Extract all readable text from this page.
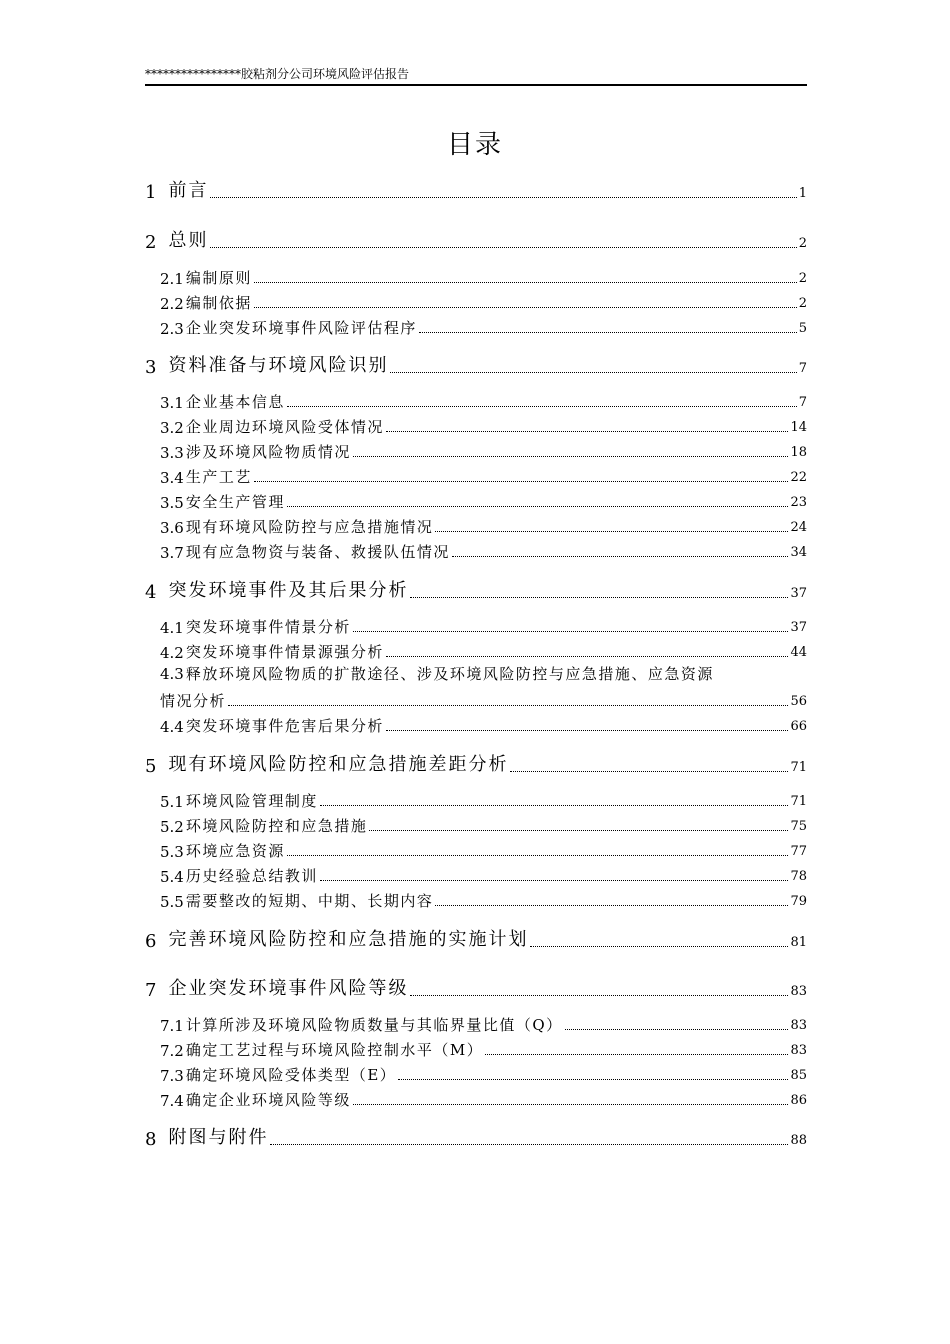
****************胶粘剂分公司环境风险评估报告
目录
1 前言	1
2 总则	2
2.1 编制原则	2
2.2 编制依据	2
2.3 企业突发环境事件风险评估程序	5
3 资料准备与环境风险识别	7
3.1 企业基本信息	7
3.2 企业周边环境风险受体情况	14
3.3 涉及环境风险物质情况	18
3.4 生产工艺	22
3.5 安全生产管理	23
3.6 现有环境风险防控与应急措施情况	24
3.7 现有应急物资与装备、救援队伍情况	34
4 突发环境事件及其后果分析	37
4.1 突发环境事件情景分析	37
4.2 突发环境事件情景源强分析	44
4.3 释放环境风险物质的扩散途径、涉及环境风险防控与应急措施、应急资源
情况分析	56
4.4 突发环境事件危害后果分析	66
5 现有环境风险防控和应急措施差距分析	71
5.1 环境风险管理制度	71
5.2 环境风险防控和应急措施	75
5.3 环境应急资源	77
5.4 历史经验总结教训	78
5.5 需要整改的短期、中期、长期内容	79
6 完善环境风险防控和应急措施的实施计划	81
7 企业突发环境事件风险等级	83
7.1 计算所涉及环境风险物质数量与其临界量比值（Q）	83
7.2 确定工艺过程与环境风险控制水平（M）	83
7.3 确定环境风险受体类型（E）	85
7.4 确定企业环境风险等级	86
8 附图与附件	88
